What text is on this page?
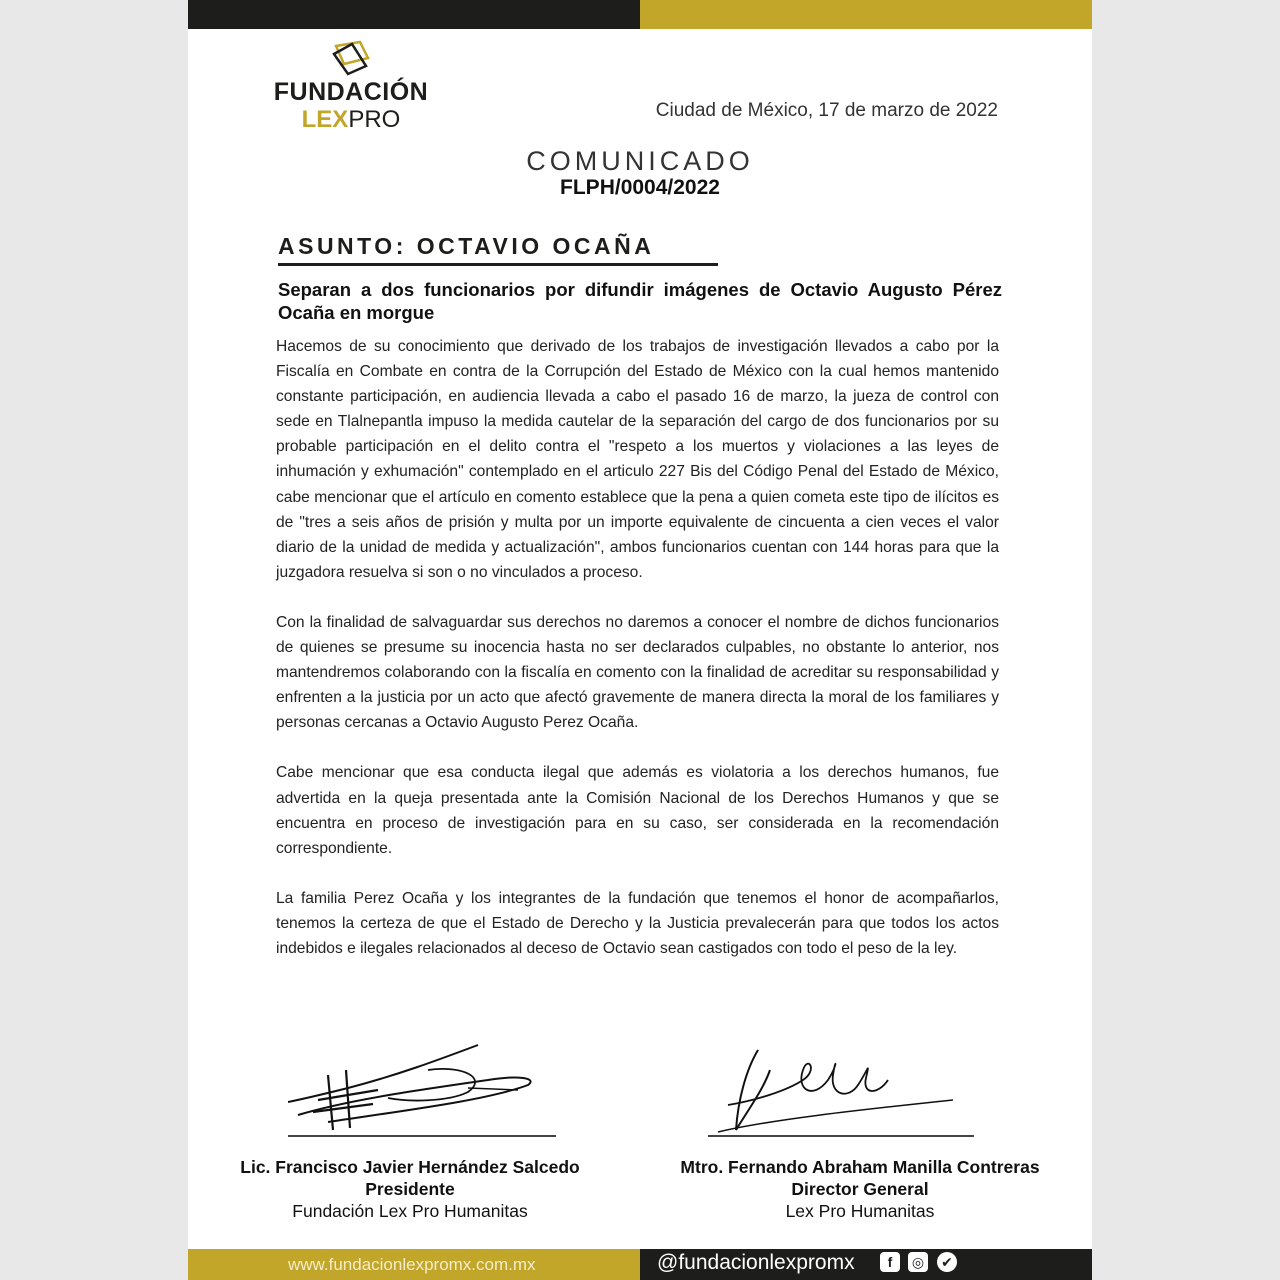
FUNDACIÓN
LEXPRO	Ciudad de México, 17 de marzo de 2022
COMUNICADO
FLPH/0004/2022
ASUNTO: OCTAVIO OCAÑA
Separan a dos funcionarios por difundir imágenes de Octavio Augusto Pérez Ocaña en morgue

Hacemos de su conocimiento que derivado de los trabajos de investigación llevados a cabo por la Fiscalía en Combate en contra de la Corrupción del Estado de México con la cual hemos mantenido constante participación, en audiencia llevada a cabo el pasado 16 de marzo, la jueza de control con sede en Tlalnepantla impuso la medida cautelar de la separación del cargo de dos funcionarios por su probable participación en el delito contra el "respeto a los muertos y violaciones a las leyes de inhumación y exhumación" contemplado en el articulo 227 Bis del Código Penal del Estado de México, cabe mencionar que el artículo en comento establece que la pena a quien cometa este tipo de ilícitos es de "tres a seis años de prisión y multa por un importe equivalente de cincuenta a cien veces el valor diario de la unidad de medida y actualización", ambos funcionarios cuentan con 144 horas para que la juzgadora resuelva si son o no vinculados a proceso.

Con la finalidad de salvaguardar sus derechos no daremos a conocer el nombre de dichos funcionarios de quienes se presume su inocencia hasta no ser declarados culpables, no obstante lo anterior, nos mantendremos colaborando con la fiscalía en comento con la finalidad de acreditar su responsabilidad y enfrenten a la justicia por un acto que afectó gravemente de manera directa la moral de los familiares y personas cercanas a Octavio Augusto Perez Ocaña.

Cabe mencionar que esa conducta ilegal que además es violatoria a los derechos humanos, fue advertida en la queja presentada ante la Comisión Nacional de los Derechos Humanos y que se encuentra en proceso de investigación para en su caso, ser considerada en la recomendación correspondiente.

La familia Perez Ocaña y los integrantes de la fundación que tenemos el honor de acompañarlos, tenemos la certeza de que el Estado de Derecho y la Justicia prevalecerán para que todos los actos indebidos e ilegales relacionados al deceso de Octavio sean castigados con todo el peso de la ley.

Lic. Francisco Javier Hernández Salcedo
Presidente
Fundación Lex Pro Humanitas
Mtro. Fernando Abraham Manilla Contreras
Director General
Lex Pro Humanitas
www.fundacionlexpromx.com.mx	@fundacionlexpromx	f	◎ ✔
